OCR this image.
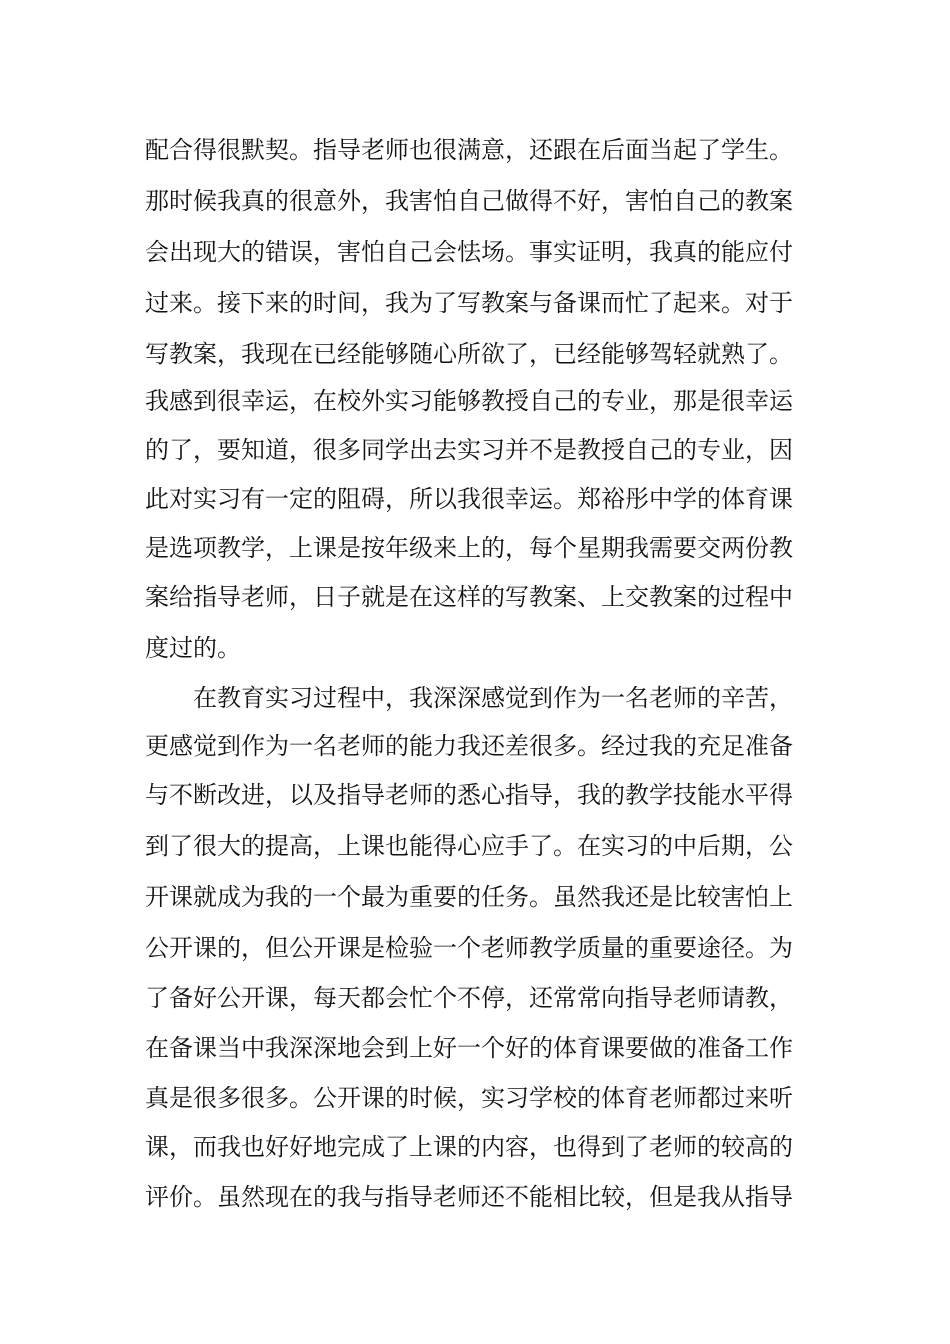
配合得很默契。指导老师也很满意，还跟在后面当起了学生。
那时候我真的很意外，我害怕自己做得不好，害怕自己的教案
会出现大的错误，害怕自己会怯场。事实证明，我真的能应付
过来。接下来的时间，我为了写教案与备课而忙了起来。对于
写教案，我现在已经能够随心所欲了，已经能够驾轻就熟了。
我感到很幸运，在校外实习能够教授自己的专业，那是很幸运
的了，要知道，很多同学出去实习并不是教授自己的专业，因
此对实习有一定的阻碍，所以我很幸运。郑裕彤中学的体育课
是选项教学，上课是按年级来上的，每个星期我需要交两份教
案给指导老师，日子就是在这样的写教案、上交教案的过程中
度过的。
在教育实习过程中，我深深感觉到作为一名老师的辛苦，
更感觉到作为一名老师的能力我还差很多。经过我的充足准备
与不断改进，以及指导老师的悉心指导，我的教学技能水平得
到了很大的提高，上课也能得心应手了。在实习的中后期，公
开课就成为我的一个最为重要的任务。虽然我还是比较害怕上
公开课的，但公开课是检验一个老师教学质量的重要途径。为
了备好公开课，每天都会忙个不停，还常常向指导老师请教，
在备课当中我深深地会到上好一个好的体育课要做的准备工作
真是很多很多。公开课的时候，实习学校的体育老师都过来听
课，而我也好好地完成了上课的内容，也得到了老师的较高的
评价。虽然现在的我与指导老师还不能相比较，但是我从指导
